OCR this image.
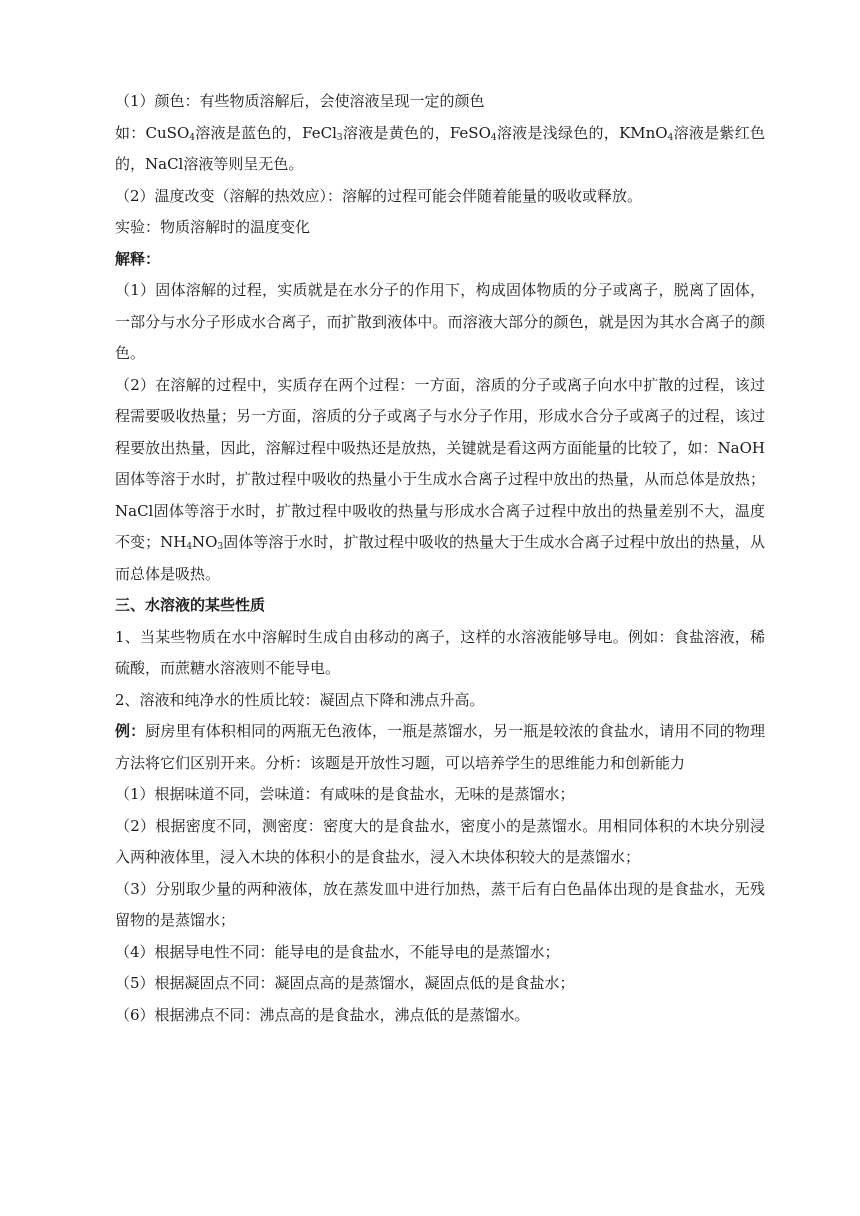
（1）颜色：有些物质溶解后，会使溶液呈现一定的颜色

如：CuSO$_4$溶液是蓝色的，FeCl$_3$溶液是黄色的，FeSO$_4$溶液是浅绿色的，KMnO$_4$溶液是紫红色的，NaCl溶液等则呈无色。

（2）温度改变（溶解的热效应）：溶解的过程可能会伴随着能量的吸收或释放。

实验：物质溶解时的温度变化

解释：

（1）固体溶解的过程，实质就是在水分子的作用下，构成固体物质的分子或离子，脱离了固体，一部分与水分子形成水合离子，而扩散到液体中。而溶液大部分的颜色，就是因为其水合离子的颜色。

（2）在溶解的过程中，实质存在两个过程：一方面，溶质的分子或离子向水中扩散的过程，该过程需要吸收热量；另一方面，溶质的分子或离子与水分子作用，形成水合分子或离子的过程，该过程要放出热量，因此，溶解过程中吸热还是放热，关键就是看这两方面能量的比较了，如：NaOH固体等溶于水时，扩散过程中吸收的热量小于生成水合离子过程中放出的热量，从而总体是放热；NaCl固体等溶于水时，扩散过程中吸收的热量与形成水合离子过程中放出的热量差别不大，温度不变；$NH_4NO_3$固体等溶于水时，扩散过程中吸收的热量大于生成水合离子过程中放出的热量，从而总体是吸热。

三、水溶液的某些性质

1、当某些物质在水中溶解时生成自由移动的离子，这样的水溶液能够导电。例如：食盐溶液，稀硫酸，而蔗糖水溶液则不能导电。

2、溶液和纯净水的性质比较：凝固点下降和沸点升高。

例：厨房里有体积相同的两瓶无色液体，一瓶是蒸馏水，另一瓶是较浓的食盐水，请用不同的物理方法将它们区别开来。分析：该题是开放性习题，可以培养学生的思维能力和创新能力

（1）根据味道不同，尝味道：有咸味的是食盐水，无味的是蒸馏水；

（2）根据密度不同，测密度：密度大的是食盐水，密度小的是蒸馏水。用相同体积的木块分别浸入两种液体里，浸入木块的体积小的是食盐水，浸入木块体积较大的是蒸馏水；

（3）分别取少量的两种液体，放在蒸发皿中进行加热，蒸干后有白色晶体出现的是食盐水，无残留物的是蒸馏水；

（4）根据导电性不同：能导电的是食盐水，不能导电的是蒸馏水；

（5）根据凝固点不同：凝固点高的是蒸馏水，凝固点低的是食盐水；

（6）根据沸点不同：沸点高的是食盐水，沸点低的是蒸馏水。
